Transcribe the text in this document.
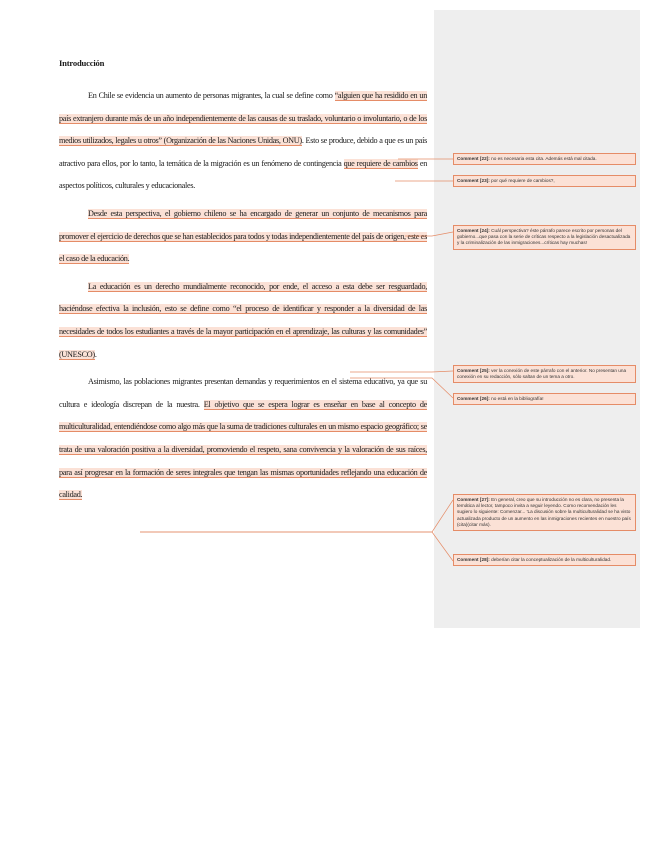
Introducción

En Chile se evidencia un aumento de personas migrantes, la cual se define como “alguien que ha residido en un país extranjero durante más de un año independientemente de las causas de su traslado, voluntario o involuntario, o de los medios utilizados, legales u otros” (Organización de las Naciones Unidas, ONU). Esto se produce, debido a que es un país atractivo para ellos, por lo tanto, la temática de la migración es un fenómeno de contingencia que requiere de cambios en aspectos políticos, culturales y educacionales.

Desde esta perspectiva, el gobierno chileno se ha encargado de generar un conjunto de mecanismos para promover el ejercicio de derechos que se han establecidos para todos y todas independientemente del país de origen, este es el caso de la educación.

La educación es un derecho mundialmente reconocido, por ende, el acceso a esta debe ser resguardado, haciéndose efectiva la inclusión, esto se define como “el proceso de identificar y responder a la diversidad de las necesidades de todos los estudiantes a través de la mayor participación en el aprendizaje, las culturas y las comunidades” (UNESCO).

Asimismo, las poblaciones migrantes presentan demandas y requerimientos en el sistema educativo, ya que su cultura e ideología discrepan de la nuestra. El objetivo que se espera lograr es enseñar en base al concepto de multiculturalidad, entendiéndose como algo más que la suma de tradiciones culturales en un mismo espacio geográfico; se trata de una valoración positiva a la diversidad, promoviendo el respeto, sana convivencia y la valoración de sus raíces, para así progresar en la formación de seres integrales que tengan las mismas oportunidades reflejando una educación de calidad.

Comment [22]: no es necesaria esta cita. Además está mal citada.
Comment [23]: por qué requiere de cambios?,
Comment [24]: Cuál perspectiva? éste párrafo parece escrito por personas del gobierno...que pasa con la serie de críticas respecto a la legislación desactualizada y la criminalización de las inmigraciones...críticas hay muchas!
Comment [25]: ver la conexión de este párrafo con el anterior. No presentan una conexión en su redacción, sólo saltan de un tema a otro.
Comment [26]: no está en la bibliografía!
Comment [27]: En general, creo que su introducción no es clara, no presenta la temática al lector, tampoco invita a seguir leyendo. Como recomendación les sugiero lo siguiente: Comenzar... 'La discusión sobre la multiculturalidad se ha visto actualizada producto de un aumento en las inmigraciones recientes en nuestro país (cita)(citar más).
Comment [28]: deberían citar la conceptualización de la multiculturalidad.
